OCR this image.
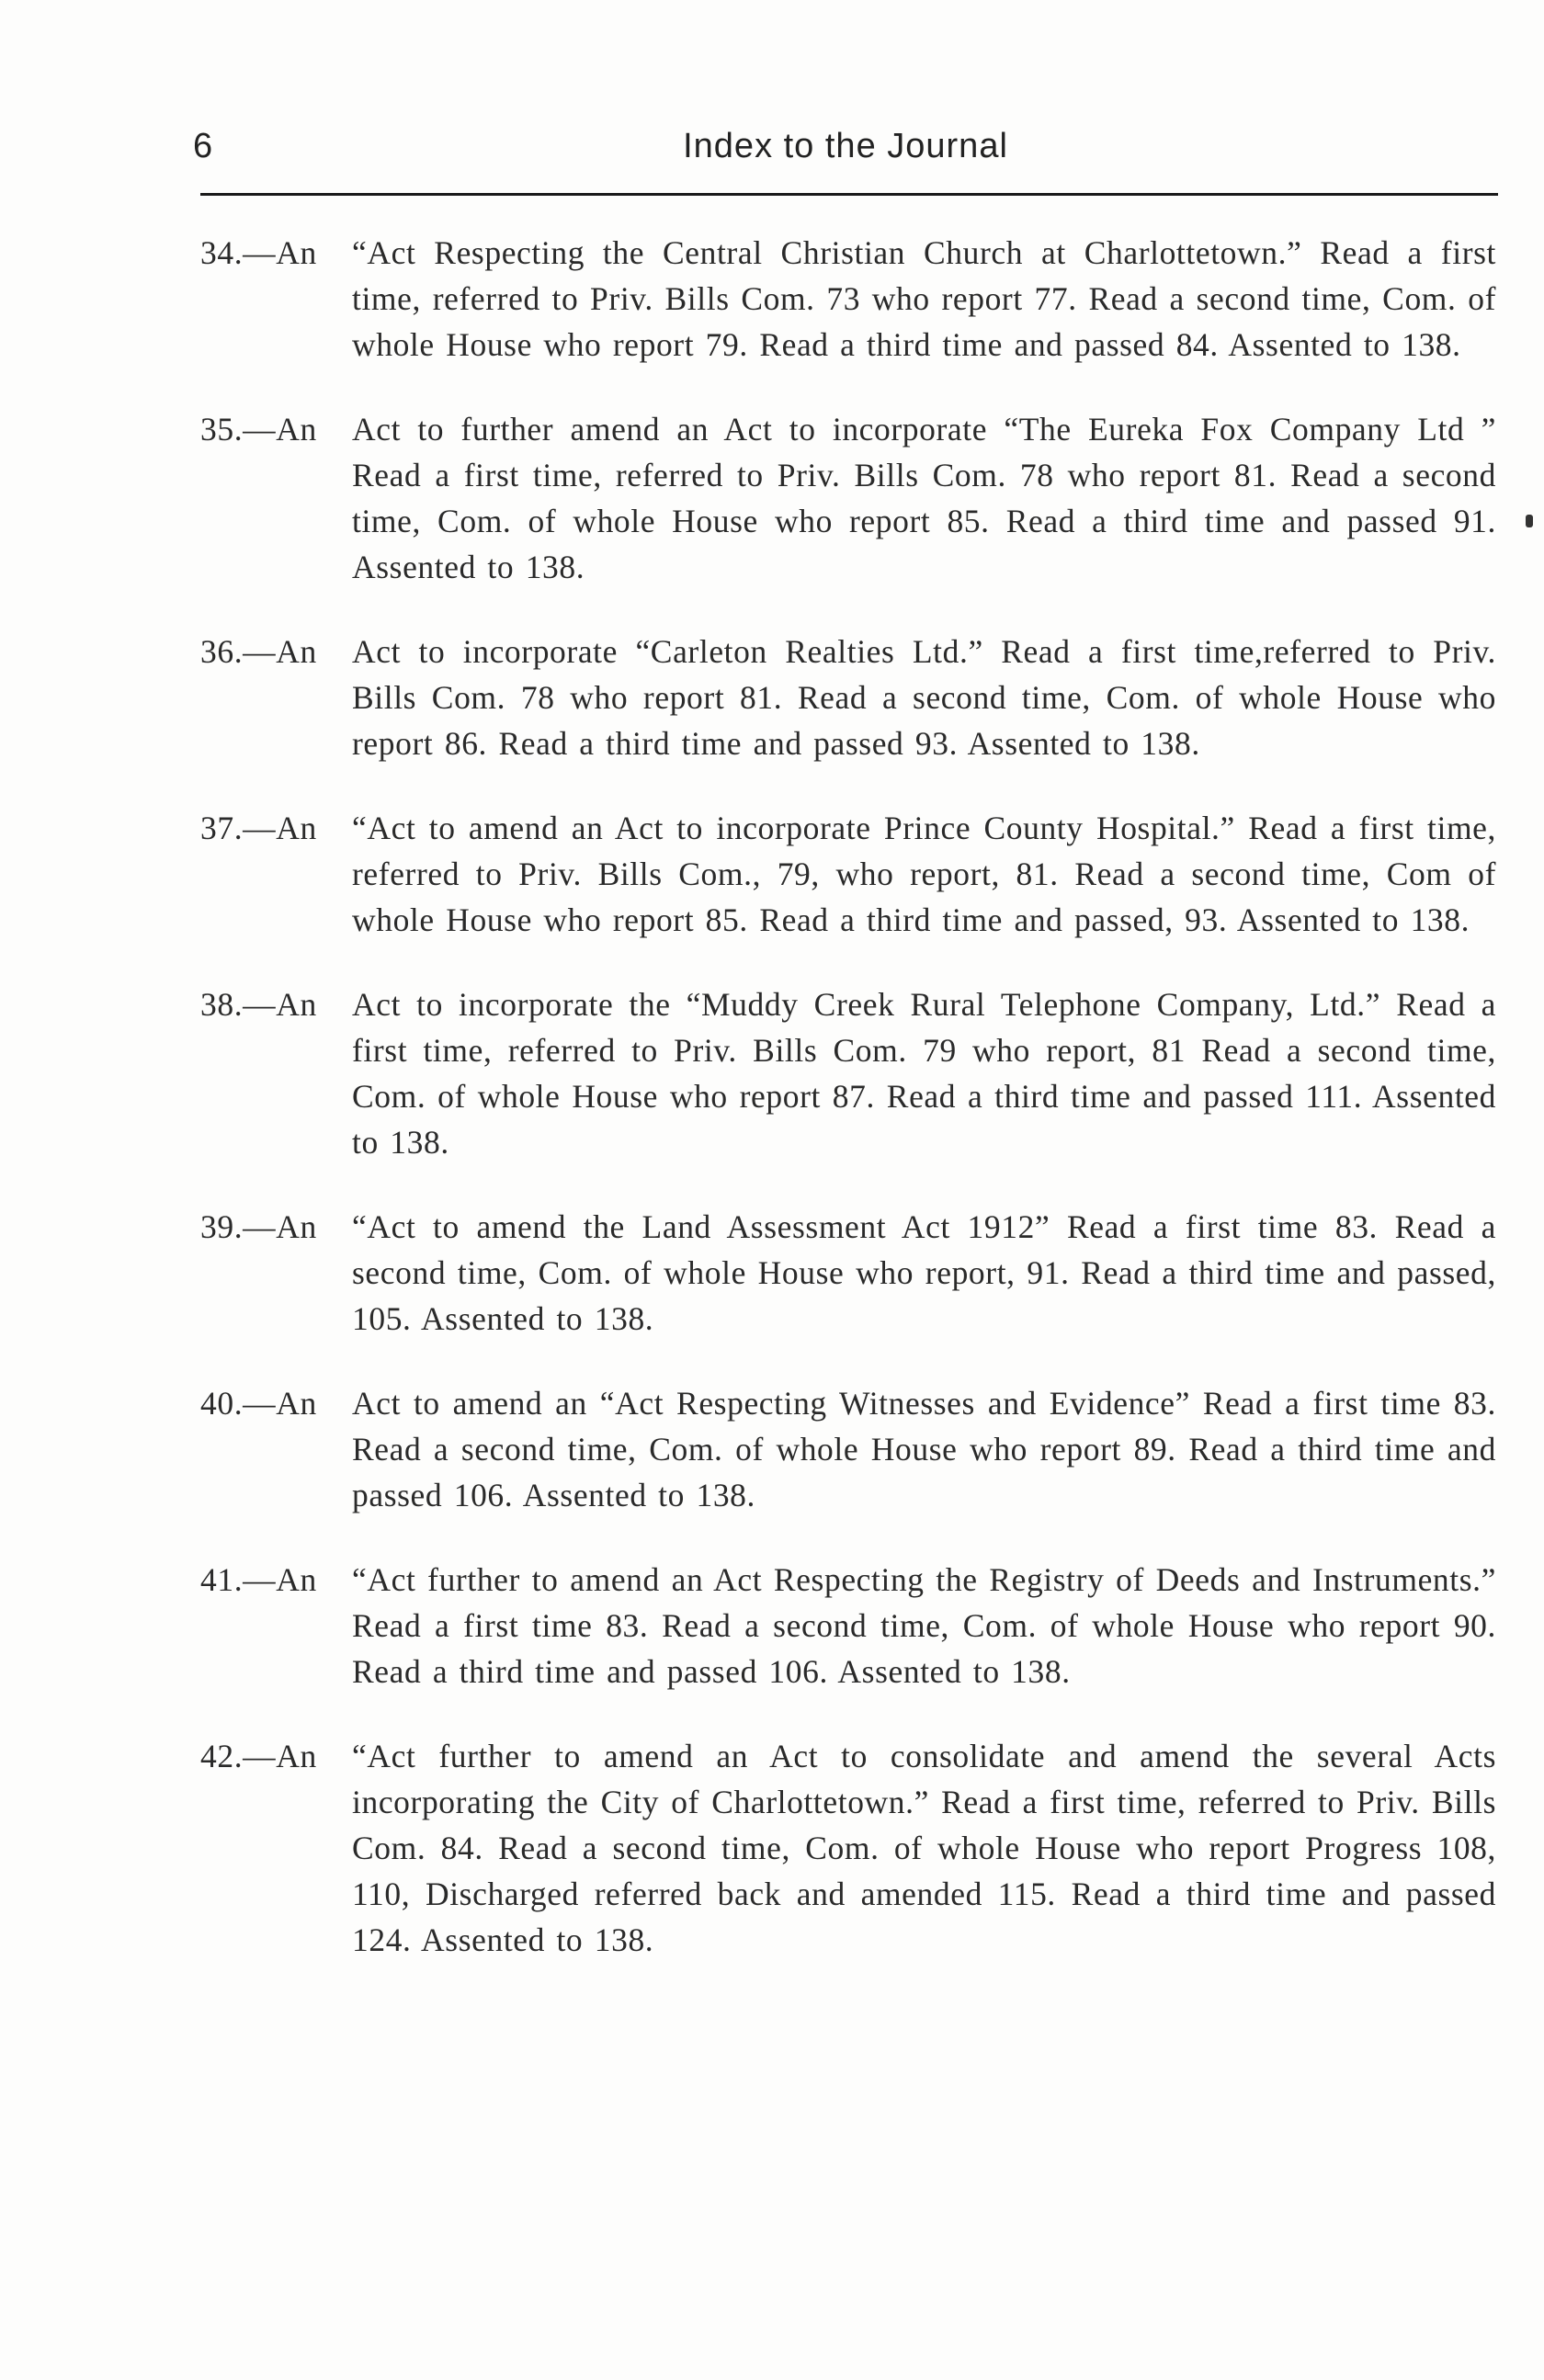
6	Index to the Journal
34.—An “Act Respecting the Central Christian Church at Charlottetown.” Read a first time, referred to Priv. Bills Com. 73 who report 77. Read a second time, Com. of whole House who report 79. Read a third time and passed 84. Assented to 138.
35.—An Act to further amend an Act to incorporate “The Eureka Fox Company Ltd ” Read a first time, referred to Priv. Bills Com. 78 who report 81. Read a second time, Com. of whole House who report 85. Read a third time and passed 91. Assented to 138.
36.—An Act to incorporate “Carleton Realties Ltd.” Read a first time,referred to Priv. Bills Com. 78 who report 81. Read a second time, Com. of whole House who report 86. Read a third time and passed 93. Assented to 138.
37.—An “Act to amend an Act to incorporate Prince County Hospital.” Read a first time, referred to Priv. Bills Com., 79, who report, 81. Read a second time, Com of whole House who report 85. Read a third time and passed, 93. Assented to 138.
38.—An Act to incorporate the “Muddy Creek Rural Telephone Company, Ltd.” Read a first time, referred to Priv. Bills Com. 79 who report, 81 Read a second time, Com. of whole House who report 87. Read a third time and passed 111. Assented to 138.
39.—An “Act to amend the Land Assessment Act 1912” Read a first time 83. Read a second time, Com. of whole House who report, 91. Read a third time and passed, 105. Assented to 138.
40.—An Act to amend an “Act Respecting Witnesses and Evidence” Read a first time 83. Read a second time, Com. of whole House who report 89. Read a third time and passed 106. Assented to 138.
41.—An “Act further to amend an Act Respecting the Registry of Deeds and Instruments.” Read a first time 83. Read a second time, Com. of whole House who report 90. Read a third time and passed 106. Assented to 138.
42.—An “Act further to amend an Act to consolidate and amend the several Acts incorporating the City of Charlottetown.” Read a first time, referred to Priv. Bills Com. 84. Read a second time, Com. of whole House who report Progress 108, 110, Discharged referred back and amended 115. Read a third time and passed 124. Assented to 138.
